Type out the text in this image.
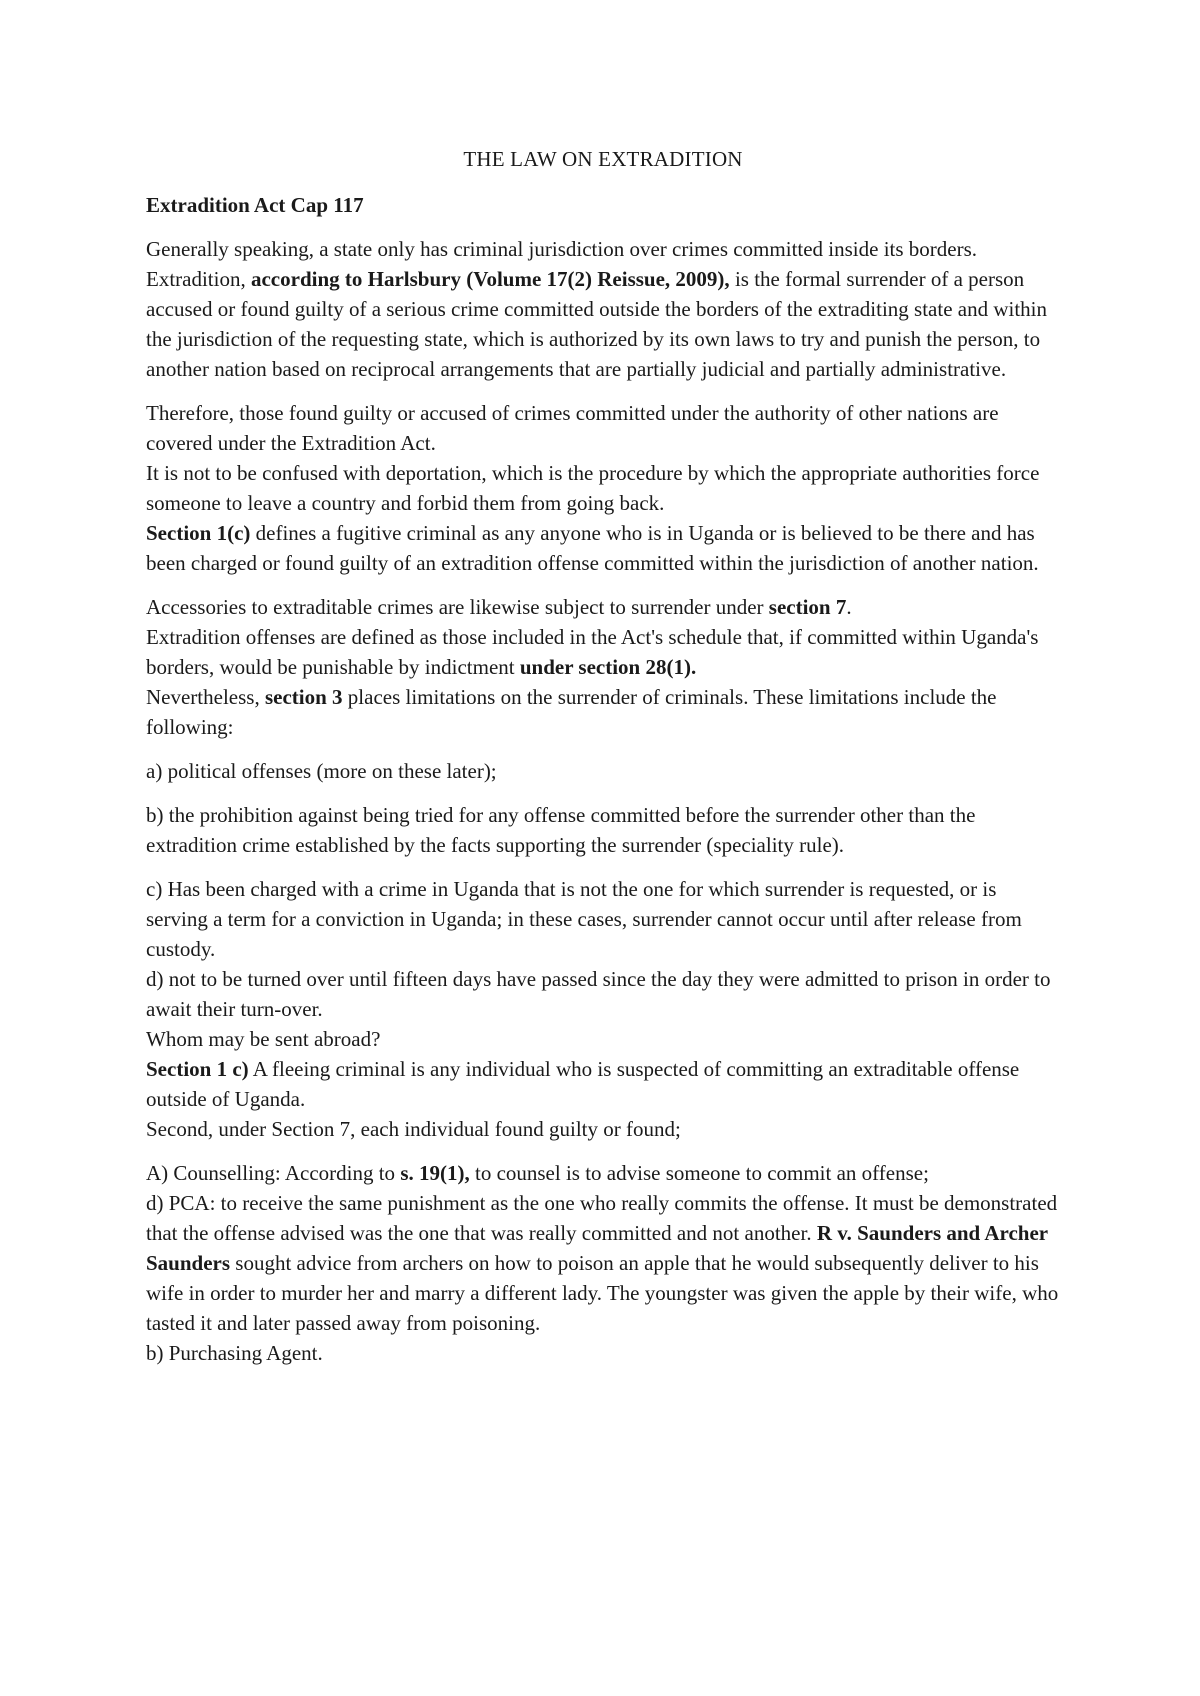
THE LAW ON EXTRADITION

Extradition Act Cap 117

Generally speaking, a state only has criminal jurisdiction over crimes committed inside its borders.

Extradition, according to Harlsbury (Volume 17(2) Reissue, 2009), is the formal surrender of a person accused or found guilty of a serious crime committed outside the borders of the extraditing state and within the jurisdiction of the requesting state, which is authorized by its own laws to try and punish the person, to another nation based on reciprocal arrangements that are partially judicial and partially administrative.

Therefore, those found guilty or accused of crimes committed under the authority of other nations are covered under the Extradition Act.

It is not to be confused with deportation, which is the procedure by which the appropriate authorities force someone to leave a country and forbid them from going back.

Section 1(c) defines a fugitive criminal as any anyone who is in Uganda or is believed to be there and has been charged or found guilty of an extradition offense committed within the jurisdiction of another nation.

Accessories to extraditable crimes are likewise subject to surrender under section 7.

Extradition offenses are defined as those included in the Act's schedule that, if committed within Uganda's borders, would be punishable by indictment under section 28(1).

Nevertheless, section 3 places limitations on the surrender of criminals. These limitations include the following:

a) political offenses (more on these later);

b) the prohibition against being tried for any offense committed before the surrender other than the extradition crime established by the facts supporting the surrender (speciality rule).

c) Has been charged with a crime in Uganda that is not the one for which surrender is requested, or is serving a term for a conviction in Uganda; in these cases, surrender cannot occur until after release from custody.

d) not to be turned over until fifteen days have passed since the day they were admitted to prison in order to await their turn-over.

Whom may be sent abroad?

Section 1 c) A fleeing criminal is any individual who is suspected of committing an extraditable offense outside of Uganda.

Second, under Section 7, each individual found guilty or found;

A) Counselling: According to s. 19(1), to counsel is to advise someone to commit an offense;

d) PCA: to receive the same punishment as the one who really commits the offense. It must be demonstrated that the offense advised was the one that was really committed and not another. R v. Saunders and Archer Saunders sought advice from archers on how to poison an apple that he would subsequently deliver to his wife in order to murder her and marry a different lady. The youngster was given the apple by their wife, who tasted it and later passed away from poisoning.

b) Purchasing Agent.
